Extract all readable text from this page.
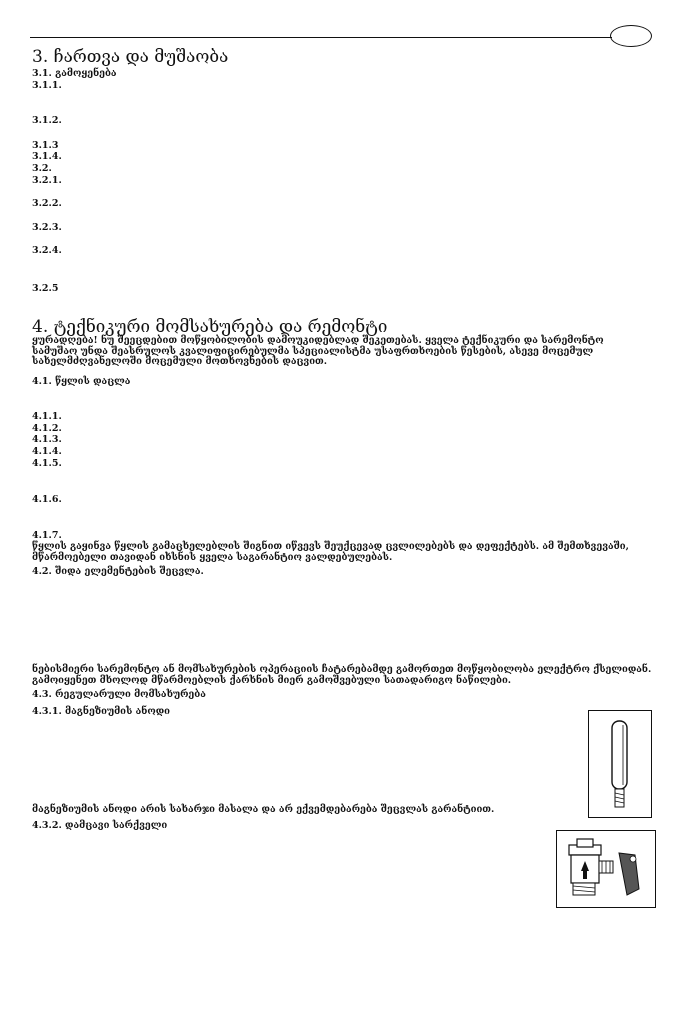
3. ჩართვა და მუშაობა
3.1. გამოყენება
3.1.1.
3.1.2.
3.1.3
3.1.4.
3.2.
3.2.1.
3.2.2.
3.2.3.
3.2.4.
3.2.5
4. ტექნიკური მომსახურება და რემონტი
ყურადღება! ნუ შეეცდებით მოწყობილობის დამოუკიდებლად შეკეთებას. ყველა ტექნიკური და სარემონტო
სამუშაო უნდა შეასრულოს კვალიფიცირებულმა სპეციალისტმა უსაფრთხოების წესების, ასევე მოცემულ
სახელმძღვანელოში მოცემული მოთხოვნების დაცვით.
4.1. წყლის დაცლა
4.1.1.
4.1.2.
4.1.3.
4.1.4.
4.1.5.
4.1.6.
4.1.7.
წყლის გაყინვა წყლის გამაცხელებლის შიგნით იწვევს შეუქცევად ცვლილებებს და დეფექტებს. ამ შემთხვევაში,
მწარმოებელი თავიდან იხსნის ყველა საგარანტიო ვალდებულებას.
4.2. შიდა ელემენტების შეცვლა.
ნებისმიერი სარემონტო ან მომსახურების ოპერაციის ჩატარებამდე გამორთეთ მოწყობილობა ელექტრო ქსელიდან.
გამოიყენეთ მხოლოდ მწარმოებლის ქარხნის მიერ გამოშვებული სათადარიგო ნაწილები.
4.3. რეგულარული მომსახურება
4.3.1. მაგნეზიუმის ანოდი
მაგნეზიუმის ანოდი არის სახარჯი მასალა და არ ექვემდებარება შეცვლას გარანტიით.
4.3.2. დამცავი სარქველი
